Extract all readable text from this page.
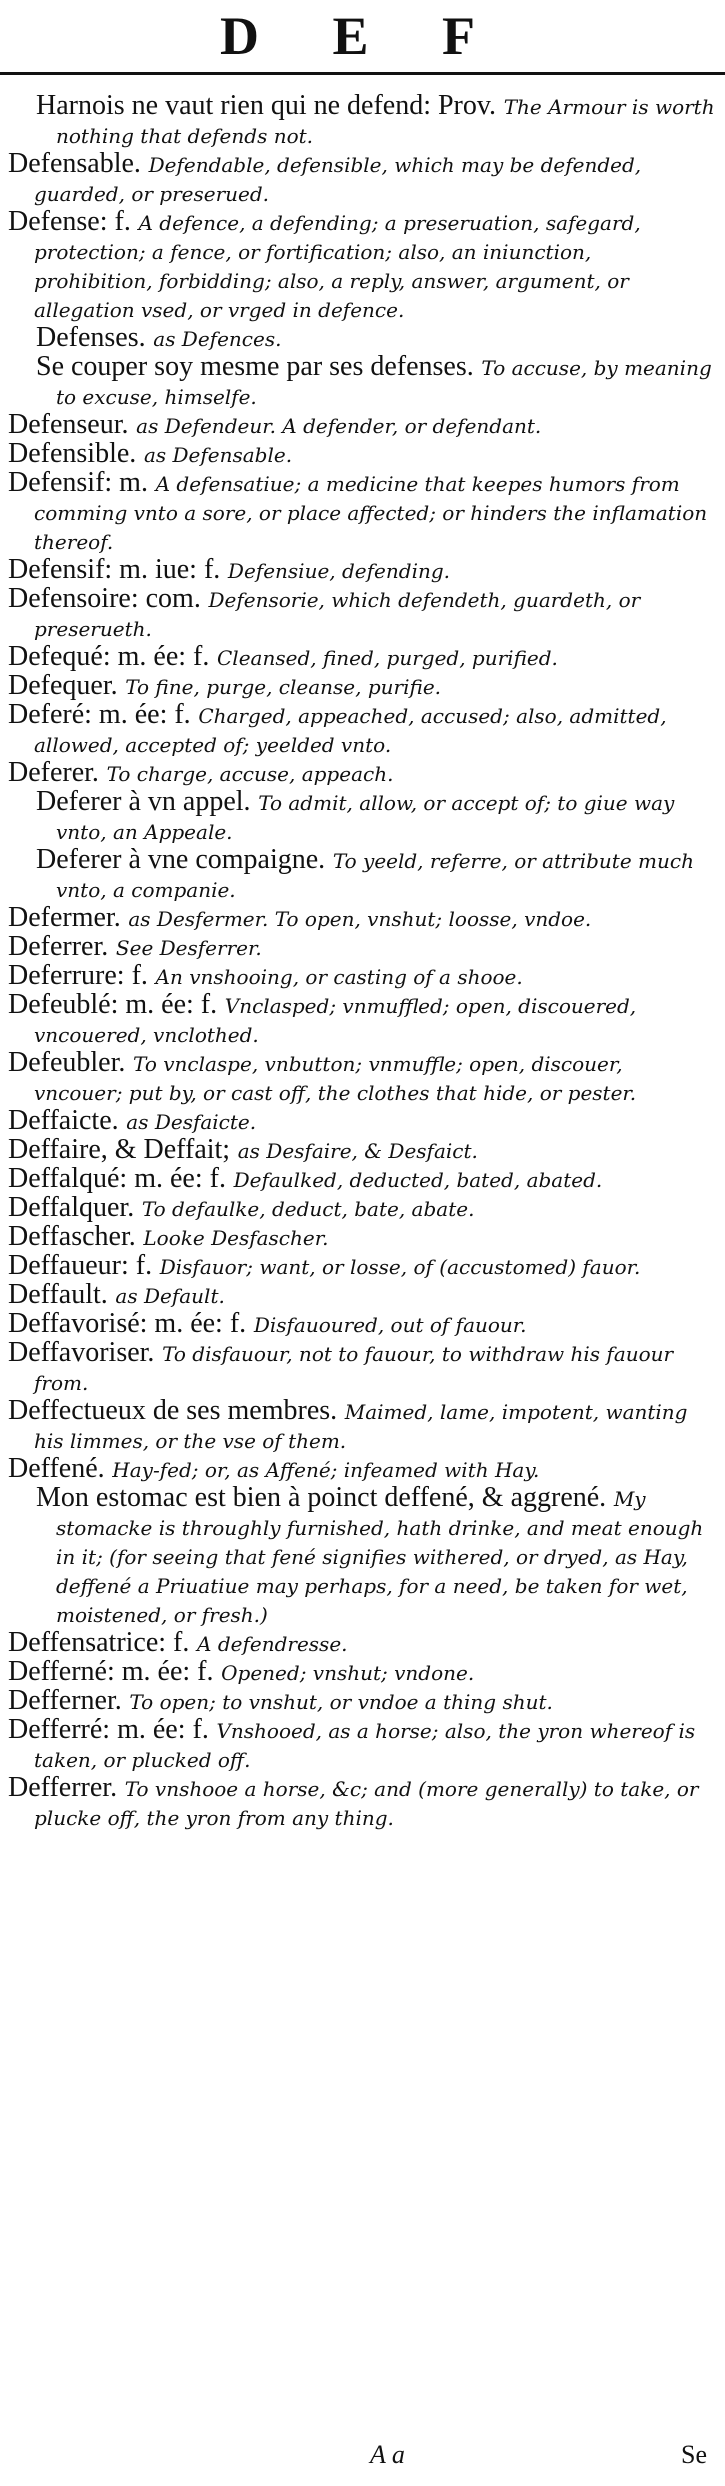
D E F
Harnois ne vaut rien qui ne defend: Prov. The Armour is worth nothing that defends not.
Defensable. Defendable, defensible, which may be defended, guarded, or preserued.
Defense: f. A defence, a defending; a preseruation, safegard, protection; a fence, or fortification; also, an iniunction, prohibition, forbidding; also, a reply, answer, argument, or allegation vsed, or vrged in defence.
Defenses. as Defences.
Se couper soy mesme par ses defenses. To accuse, by meaning to excuse, himselfe.
Defenseur. as Defendeur. A defender, or defendant.
Defensible. as Defensable.
Defensif: m. A defensatiue; a medicine that keepes humors from comming vnto a sore, or place affected; or hinders the inflamation thereof.
Defensif: m. iue: f. Defensiue, defending.
Defensoire: com. Defensorie, which defendeth, guardeth, or preserueth.
Defequé: m. ée: f. Cleansed, fined, purged, purified.
Defequer. To fine, purge, cleanse, purifie.
Deferé: m. ée: f. Charged, appeached, accused; also, admitted, allowed, accepted of; yeelded vnto.
Deferer. To charge, accuse, appeach.
Deferer à vn appel. To admit, allow, or accept of; to giue way vnto, an Appeale.
Deferer à vne compaigne. To yeeld, referre, or attribute much vnto, a companie.
Defermer. as Desfermer. To open, vnshut; loosse, vndoe.
Deferrer. See Desferrer.
Deferrure: f. An vnshooing, or casting of a shooe.
Defeublé: m. ée: f. Vnclasped; vnmuffled; open, discouered, vncouered, vnclothed.
Defeubler. To vnclaspe, vnbutton; vnmuffle; open, discouer, vncouer; put by, or cast off, the clothes that hide, or pester.
Deffaicte. as Desfaicte.
Deffaire, & Deffait; as Desfaire, & Desfaict.
Deffalqué: m. ée: f. Defaulked, deducted, bated, abated.
Deffalquer. To defaulke, deduct, bate, abate.
Deffascher. Looke Desfascher.
Deffaueur: f. Disfauor; want, or losse, of (accustomed) fauor.
Deffault. as Default.
Deffavorisé: m. ée: f. Disfauoured, out of fauour.
Deffavoriser. To disfauour, not to fauour, to withdraw his fauour from.
Deffectueux de ses membres. Maimed, lame, impotent, wanting his limmes, or the vse of them.
Deffené. Hay-fed; or, as Affené; infeamed with Hay.
Mon estomac est bien à poinct deffené, & aggrené. My stomacke is throughly furnished, hath drinke, and meat enough in it; (for seeing that fené signifies withered, or dryed, as Hay, deffené a Priuatiue may perhaps, for a need, be taken for wet, moistened, or fresh.)
Deffensatrice: f. A defendresse.
Defferné: m. ée: f. Opened; vnshut; vndone.
Defferner. To open; to vnshut, or vndoe a thing shut.
Defferré: m. ée: f. Vnshooed, as a horse; also, the yron whereof is taken, or plucked off.
Defferrer. To vnshooe a horse, &c; and (more generally) to take, or plucke off, the yron from any thing.
A a	Se
